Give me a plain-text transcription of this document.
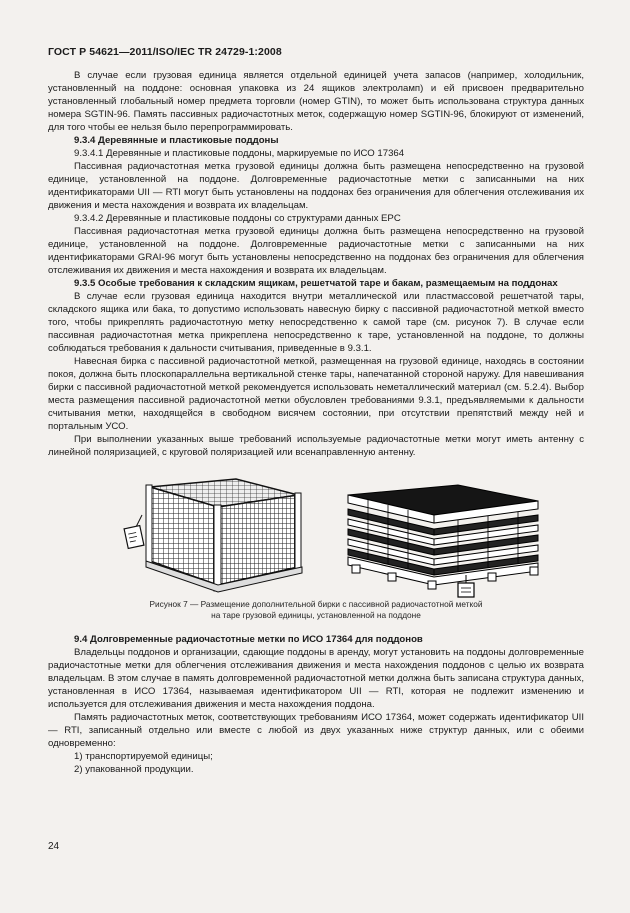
ГОСТ Р 54621—2011/ISO/IEC TR 24729-1:2008

В случае если грузовая единица является отдельной единицей учета запасов (например, холодильник, установленный на поддоне: основная упаковка из 24 ящиков электроламп) и ей присвоен предварительно установленный глобальный номер предмета торговли (номер GTIN), то может быть использована структура данных номера SGTIN-96. Память пассивных радиочастотных меток, содержащую номер SGTIN-96, блокируют от изменений, для того чтобы ее нельзя было перепрограммировать.

9.3.4 Деревянные и пластиковые поддоны

9.3.4.1 Деревянные и пластиковые поддоны, маркируемые по ИСО 17364

Пассивная радиочастотная метка грузовой единицы должна быть размещена непосредственно на грузовой единице, установленной на поддоне. Долговременные радиочастотные метки с записанными на них идентификаторами UII — RTI могут быть установлены на поддонах без ограничения для облегчения отслеживания их движения и места нахождения и возврата их владельцам.

9.3.4.2 Деревянные и пластиковые поддоны со структурами данных EPC

Пассивная радиочастотная метка грузовой единицы должна быть размещена непосредственно на грузовой единице, установленной на поддоне. Долговременные радиочастотные метки с записанными на них идентификаторами GRAI-96 могут быть установлены непосредственно на поддонах без ограничения для облегчения отслеживания их движения и места нахождения и возврата их владельцам.

9.3.5 Особые требования к складским ящикам, решетчатой таре и бакам, размещаемым на поддонах

В случае если грузовая единица находится внутри металлической или пластмассовой решетчатой тары, складского ящика или бака, то допустимо использовать навесную бирку с пассивной радиочастотной меткой вместо того, чтобы прикреплять радиочастотную метку непосредственно к самой таре (см. рисунок 7). В случае если пассивная радиочастотная метка прикреплена непосредственно к таре, установленной на поддоне, то должны соблюдаться требования к дальности считывания, приведенные в 9.3.1.

Навесная бирка с пассивной радиочастотной меткой, размещенная на грузовой единице, находясь в состоянии покоя, должна быть плоскопараллельна вертикальной стенке тары, напечатанной стороной наружу. Для навешивания бирки с пассивной радиочастотной меткой рекомендуется использовать неметаллический материал (см. 5.2.4). Выбор места размещения пассивной радиочастотной метки обусловлен требованиями 9.3.1, предъявляемыми к дальности считывания метки, находящейся в свободном висячем состоянии, при отсутствии препятствий между ней и портальным УСО.

При выполнении указанных выше требований используемые радиочастотные метки могут иметь антенну с линейной поляризацией, с круговой поляризацией или всенаправленную антенну.

Рисунок 7 — Размещение дополнительной бирки с пассивной радиочастотной меткой
на таре грузовой единицы, установленной на поддоне

9.4 Долговременные радиочастотные метки по ИСО 17364 для поддонов

Владельцы поддонов и организации, сдающие поддоны в аренду, могут установить на поддоны долговременные радиочастотные метки для облегчения отслеживания движения и места нахождения поддонов с целью их возврата владельцам. В этом случае в память долговременной радиочастотной метки должна быть записана структура данных, установленная в ИСО 17364, называемая идентификатором UII — RTI, которая не подлежит изменению и используется для отслеживания движения и места нахождения поддона.

Память радиочастотных меток, соответствующих требованиям ИСО 17364, может содержать идентификатор UII — RTI, записанный отдельно или вместе с любой из двух указанных ниже структур данных, или с обеими одновременно:

1) транспортируемой единицы;

2) упакованной продукции.

24
